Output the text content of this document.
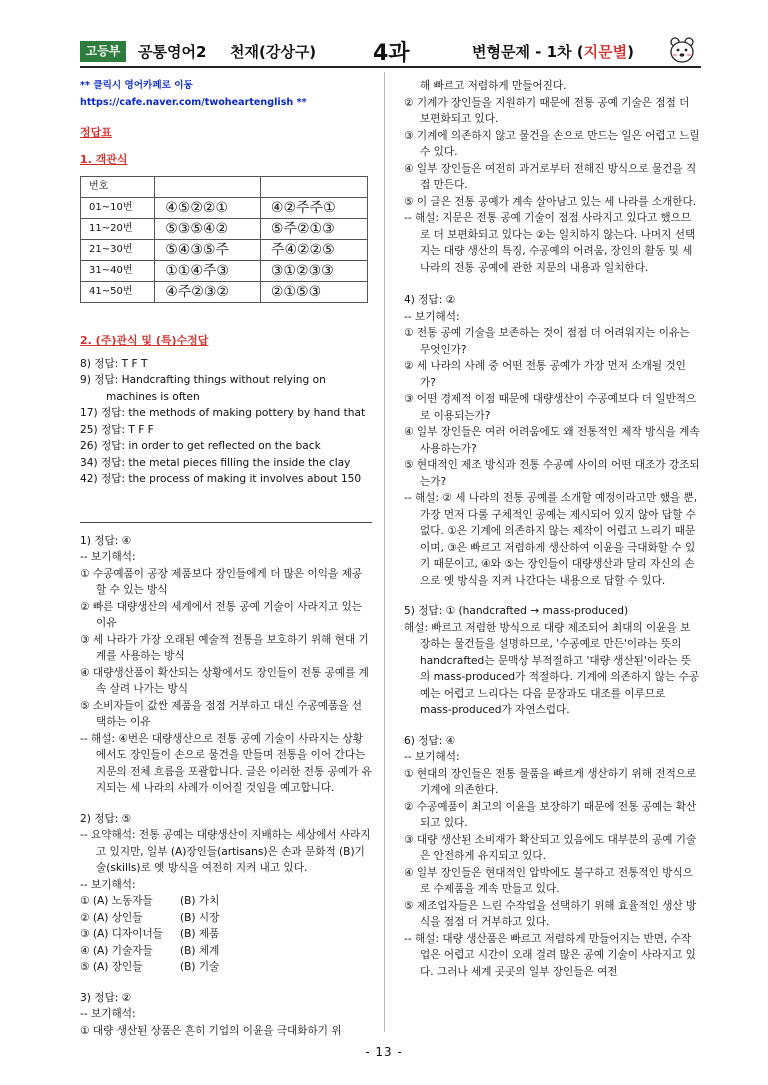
고등부	공통영어2 천재(강상구)	4과	변형문제 - 1차 (지문별)
** 클릭시 영어카페로 이동 https://cafe.naver.com/twoheartenglish **
정답표
1. 객관식
번호		
01~10번	④⑤②②①	④②주주①
11~20번	⑤③⑤④②	⑤주②①③
21~30번	⑤④③⑤주	주④②②⑤
31~40번	①①④주③	③①②③③
41~50번	④주②③②	②①⑤③
2. (주)관식 및 (특)수정답

8) 정답: T F T

9) 정답: Handcrafting things without relying on machines is often

17) 정답: the methods of making pottery by hand that

25) 정답: T F F

26) 정답: in order to get reflected on the back

34) 정답: the metal pieces filling the inside the clay

42) 정답: the process of making it involves about 150

1) 정답: ④

-- 보기해석:

① 수공예품이 공장 제품보다 장인들에게 더 많은 이익을 제공할 수 있는 방식

② 빠른 대량생산의 세계에서 전통 공예 기술이 사라지고 있는 이유

③ 세 나라가 가장 오래된 예술적 전통을 보호하기 위해 현대 기계를 사용하는 방식

④ 대량생산품이 확산되는 상황에서도 장인들이 전통 공예를 계속 살려 나가는 방식

⑤ 소비자들이 값싼 제품을 점점 거부하고 대신 수공예품을 선택하는 이유

-- 해설: ④번은 대량생산으로 전통 공예 기술이 사라지는 상황에서도 장인들이 손으로 물건을 만들며 전통을 이어 간다는 지문의 전체 흐름을 포괄합니다. 글은 이러한 전통 공예가 유지되는 세 나라의 사례가 이어질 것임을 예고합니다.

2) 정답: ⑤

-- 요약해석: 전통 공예는 대량생산이 지배하는 세상에서 사라지고 있지만, 일부 (A)장인들(artisans)은 손과 문화적 (B)기술(skills)로 옛 방식을 여전히 지켜 내고 있다.

-- 보기해석:

① (A) 노동자들	(B) 가치
② (A) 상인들	(B) 시장
③ (A) 디자이너들	(B) 제품
④ (A) 기술자들	(B) 체계
⑤ (A) 장인들	(B) 기술

3) 정답: ②

-- 보기해석:

① 대량 생산된 상품은 흔히 기업의 이윤을 극대화하기 위

해 빠르고 저렴하게 만들어진다.

② 기계가 장인들을 지원하기 때문에 전통 공예 기술은 점점 더 보편화되고 있다.

③ 기계에 의존하지 않고 물건을 손으로 만드는 일은 어렵고 느릴 수 있다.

④ 일부 장인들은 여전히 과거로부터 전해진 방식으로 물건을 직접 만든다.

⑤ 이 글은 전통 공예가 계속 살아남고 있는 세 나라를 소개한다.

-- 해설: 지문은 전통 공예 기술이 점점 사라지고 있다고 했으므로 더 보편화되고 있다는 ②는 일치하지 않는다. 나머지 선택지는 대량 생산의 특징, 수공예의 어려움, 장인의 활동 및 세 나라의 전통 공예에 관한 지문의 내용과 일치한다.

4) 정답: ②

-- 보기해석:

① 전통 공예 기술을 보존하는 것이 점점 더 어려워지는 이유는 무엇인가?

② 세 나라의 사례 중 어떤 전통 공예가 가장 먼저 소개될 것인가?

③ 어떤 경제적 이점 때문에 대량생산이 수공예보다 더 일반적으로 이용되는가?

④ 일부 장인들은 여러 어려움에도 왜 전통적인 제작 방식을 계속 사용하는가?

⑤ 현대적인 제조 방식과 전통 수공예 사이의 어떤 대조가 강조되는가?

-- 해설: ② 세 나라의 전통 공예를 소개할 예정이라고만 했을 뿐, 가장 먼저 다룰 구체적인 공예는 제시되어 있지 않아 답할 수 없다. ①은 기계에 의존하지 않는 제작이 어렵고 느리기 때문이며, ③은 빠르고 저렴하게 생산하여 이윤을 극대화할 수 있기 때문이고, ④와 ⑤는 장인들이 대량생산과 달리 자신의 손으로 옛 방식을 지켜 나간다는 내용으로 답할 수 있다.

5) 정답: ① (handcrafted → mass-produced)

해설: 빠르고 저렴한 방식으로 대량 제조되어 최대의 이윤을 보장하는 물건들을 설명하므로, '수공예로 만든'이라는 뜻의 handcrafted는 문맥상 부적절하고 '대량 생산된'이라는 뜻의 mass-produced가 적절하다. 기계에 의존하지 않는 수공예는 어렵고 느리다는 다음 문장과도 대조를 이루므로 mass-produced가 자연스럽다.

6) 정답: ④

-- 보기해석:

① 현대의 장인들은 전통 물품을 빠르게 생산하기 위해 전적으로 기계에 의존한다.

② 수공예품이 최고의 이윤을 보장하기 때문에 전통 공예는 확산되고 있다.

③ 대량 생산된 소비재가 확산되고 있음에도 대부분의 공예 기술은 안전하게 유지되고 있다.

④ 일부 장인들은 현대적인 압박에도 불구하고 전통적인 방식으로 수제품을 계속 만들고 있다.

⑤ 제조업자들은 느린 수작업을 선택하기 위해 효율적인 생산 방식을 점점 더 거부하고 있다.

-- 해설: 대량 생산품은 빠르고 저렴하게 만들어지는 반면, 수작업은 어렵고 시간이 오래 걸려 많은 공예 기술이 사라지고 있다. 그러나 세계 곳곳의 일부 장인들은 여전

- 13 -
